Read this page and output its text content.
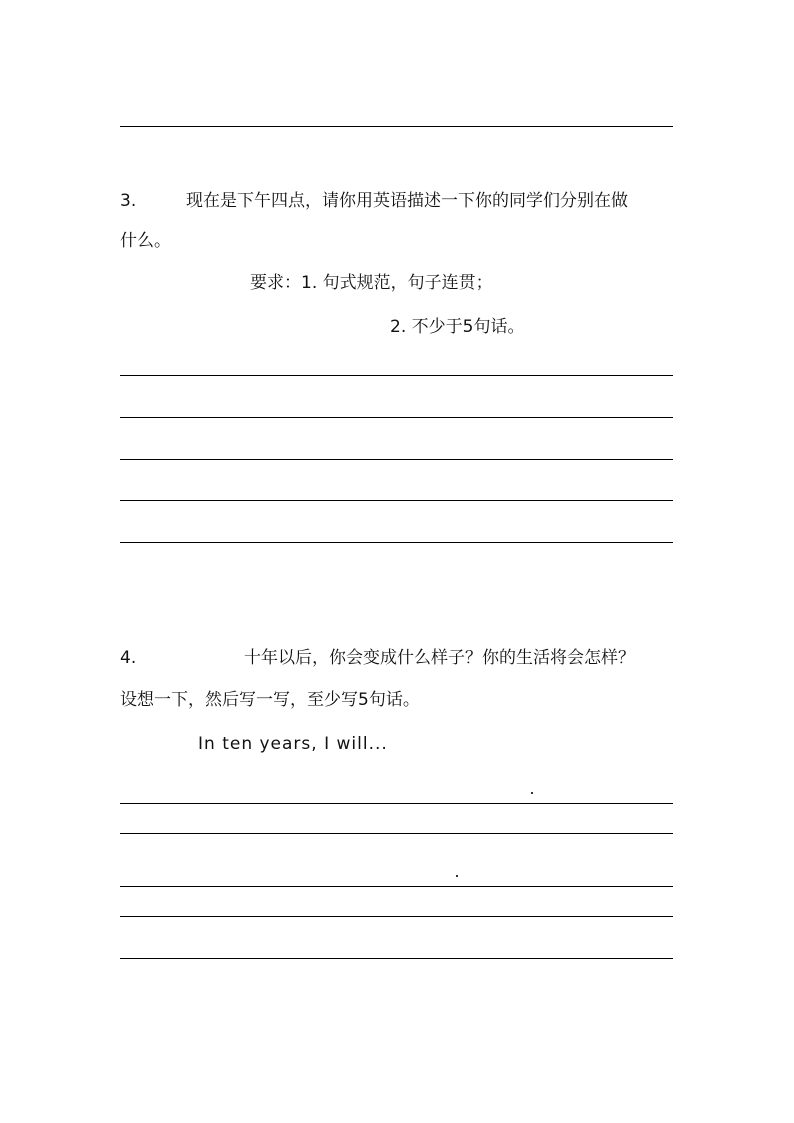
3.	现在是下午四点，请你用英语描述一下你的同学们分别在做
什么。
要求：1. 句式规范，句子连贯；
2. 不少于5句话。
4.	十年以后，你会变成什么样子？你的生活将会怎样？
设想一下，然后写一写，至少写5句话。
In ten years, I will...
